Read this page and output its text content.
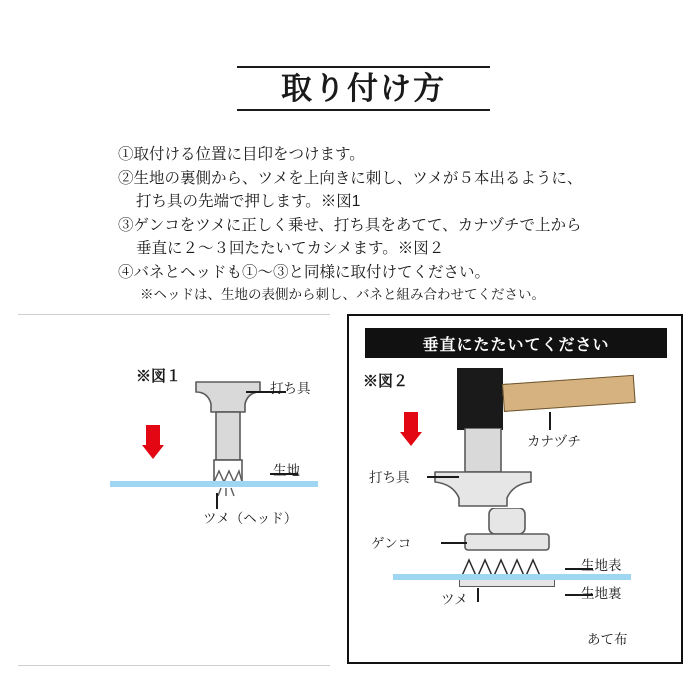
取り付け方
①取付ける位置に目印をつけます。
②生地の裏側から、ツメを上向きに刺し、ツメが５本出るように、
打ち具の先端で押します。※図1
③ゲンコをツメに正しく乗せ、打ち具をあてて、カナヅチで上から
垂直に２〜３回たたいてカシメます。※図２
④バネとヘッドも①〜③と同様に取付けてください。
※ヘッドは、生地の表側から刺し、バネと組み合わせてください。
※図１
打ち具
生地
ツメ（ヘッド）
垂直にたたいてください
※図２
カナヅチ
打ち具
ゲンコ
生地表
生地裏
ツメ
あて布
